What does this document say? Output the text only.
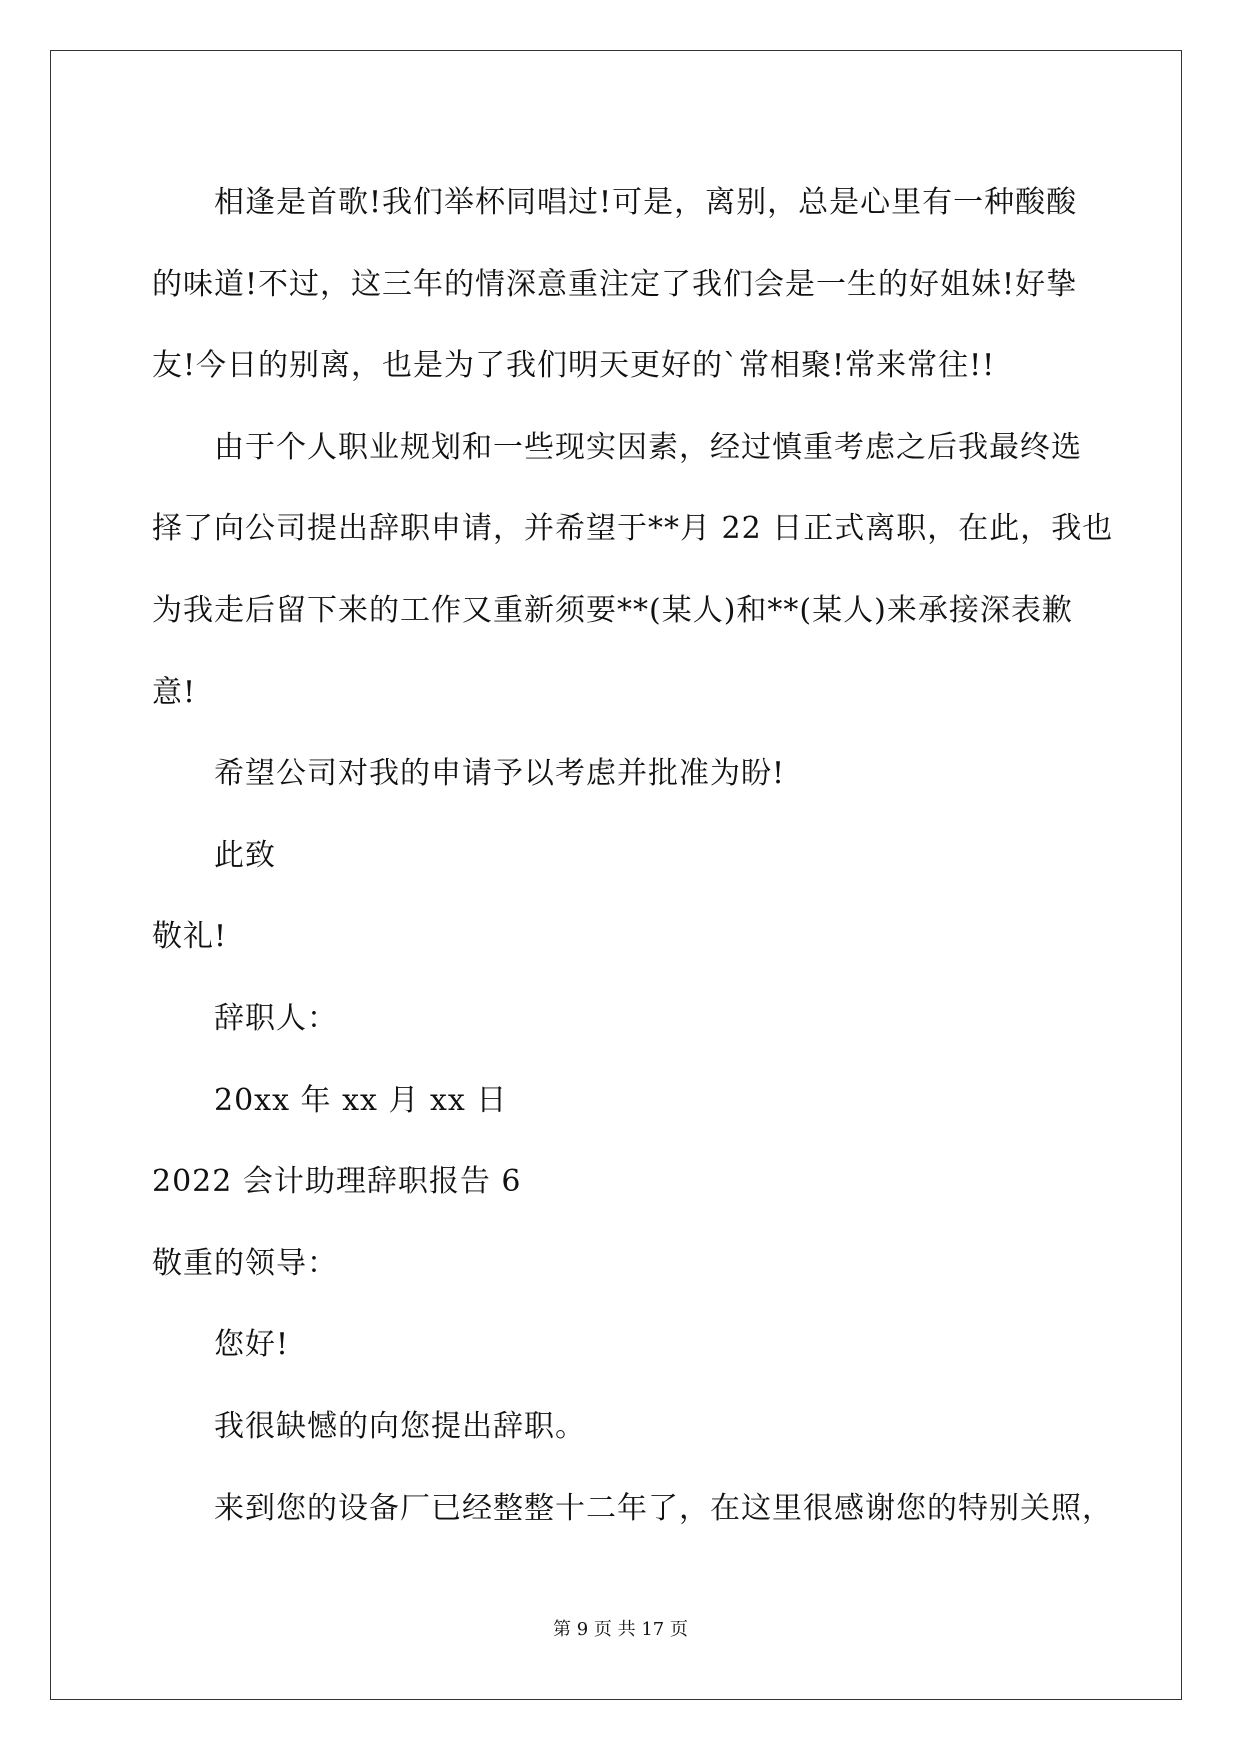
相逢是首歌!我们举杯同唱过!可是，离别，总是心里有一种酸酸
的味道!不过，这三年的情深意重注定了我们会是一生的好姐妹!好挚
友!今日的别离，也是为了我们明天更好的`常相聚!常来常往!!
由于个人职业规划和一些现实因素，经过慎重考虑之后我最终选
择了向公司提出辞职申请，并希望于**月 22 日正式离职，在此，我也
为我走后留下来的工作又重新须要**(某人)和**(某人)来承接深表歉
意!
希望公司对我的申请予以考虑并批准为盼!
此致
敬礼!
辞职人：
20xx 年 xx 月 xx 日
2022 会计助理辞职报告 6
敬重的领导：
您好!
我很缺憾的向您提出辞职。
来到您的设备厂已经整整十二年了，在这里很感谢您的特别关照，
第 9 页 共 17 页
